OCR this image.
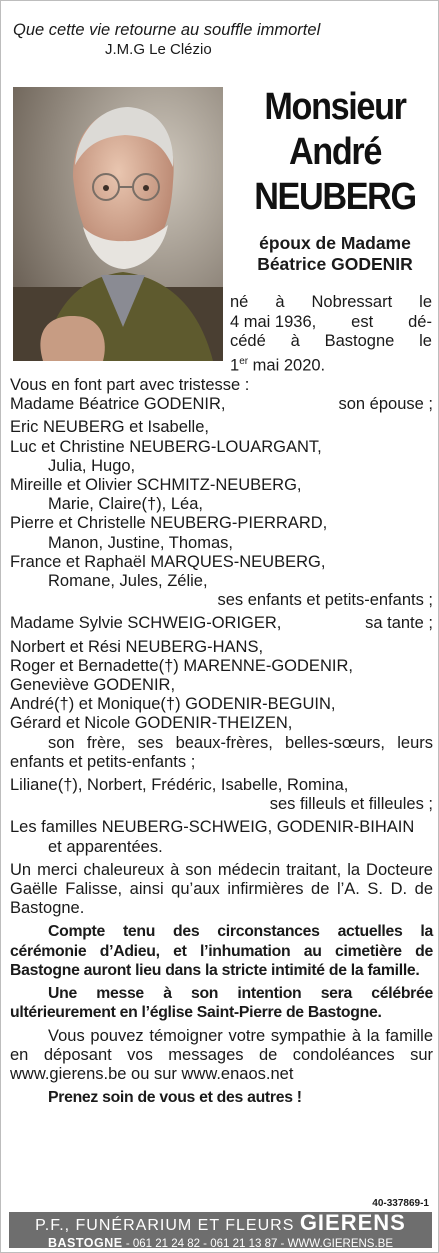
Que cette vie retourne au souffle immortel
J.M.G Le Clézio
Monsieur
André
NEUBERG
époux de Madame
Béatrice GODENIR
né à Nobressart le
4 mai 1936, est dé-
cédé à Bastogne le
1er mai 2020.
Vous en font part avec tristesse :
Madame Béatrice GODENIR,	son épouse ;
Eric NEUBERG et Isabelle,
Luc et Christine NEUBERG-LOUARGANT,
Julia, Hugo,
Mireille et Olivier SCHMITZ-NEUBERG,
Marie, Claire(†), Léa,
Pierre et Christelle NEUBERG-PIERRARD,
Manon, Justine, Thomas,
France et Raphaël MARQUES-NEUBERG,
Romane, Jules, Zélie,
ses enfants et petits-enfants ;
Madame Sylvie SCHWEIG-ORIGER,	sa tante ;
Norbert et Rési NEUBERG-HANS,
Roger et Bernadette(†) MARENNE-GODENIR,
Geneviève GODENIR,
André(†) et Monique(†) GODENIR-BEGUIN,
Gérard et Nicole GODENIR-THEIZEN,
son frère, ses beaux-frères, belles-sœurs, leurs enfants et petits-enfants ;
Liliane(†), Norbert, Frédéric, Isabelle, Romina,
ses filleuls et filleules ;
Les familles NEUBERG-SCHWEIG, GODENIR-BIHAIN
et apparentées.
Un merci chaleureux à son médecin traitant, la Docteure Gaëlle Falisse, ainsi qu’aux infirmières de l’A. S. D. de Bastogne.
Compte tenu des circonstances actuelles la cérémonie d’Adieu, et l’inhumation au cimetière de Bastogne auront lieu dans la stricte intimité de la famille.
Une messe à son intention sera célébrée ultérieurement en l’église Saint-Pierre de Bastogne.
Vous pouvez témoigner votre sympathie à la famille en déposant vos messages de condoléances sur www.gierens.be ou sur www.enaos.net
Prenez soin de vous et des autres !
40-337869-1
P.F., FUNÉRARIUM ET FLEURS GIERENS
BASTOGNE - 061 21 24 82 - 061 21 13 87 - WWW.GIERENS.BE
